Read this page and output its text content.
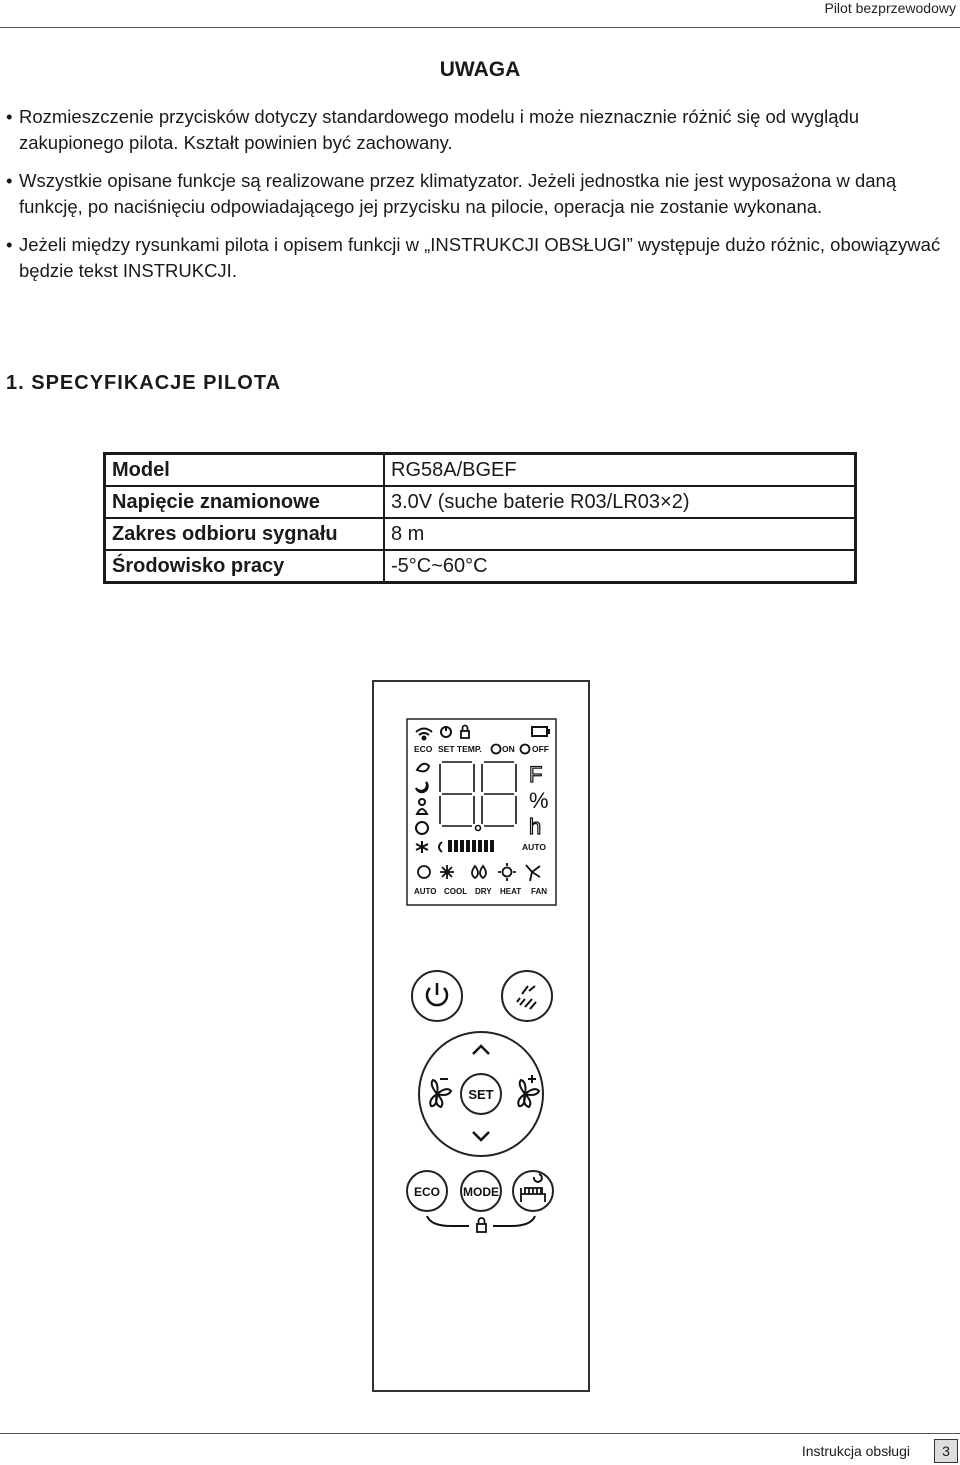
Pilot bezprzewodowy
UWAGA
• Rozmieszczenie przycisków dotyczy standardowego modelu i może nieznacznie różnić się od wyglądu zakupionego pilota. Kształt powinien być zachowany.
• Wszystkie opisane funkcje są realizowane przez klimatyzator. Jeżeli jednostka nie jest wyposażona w daną funkcję, po naciśnięciu odpowiadającego jej przycisku na pilocie, operacja nie zostanie wykonana.
• Jeżeli między rysunkami pilota i opisem funkcji w „INSTRUKCJI OBSŁUGI” występuje dużo różnic, obowiązywać będzie tekst INSTRUKCJI.
1. SPECYFIKACJE PILOTA
Model	RG58A/BGEF
Napięcie znamionowe	3.0V (suche baterie R03/LR03×2)
Zakres odbioru sygnału	8 m
Środowisko pracy	-5°C~60°C
ECO SET TEMP. ON OFF
F
%
h
AUTO
AUTO COOL DRY HEAT FAN
SET
ECO MODE
Instrukcja obsługi	3
